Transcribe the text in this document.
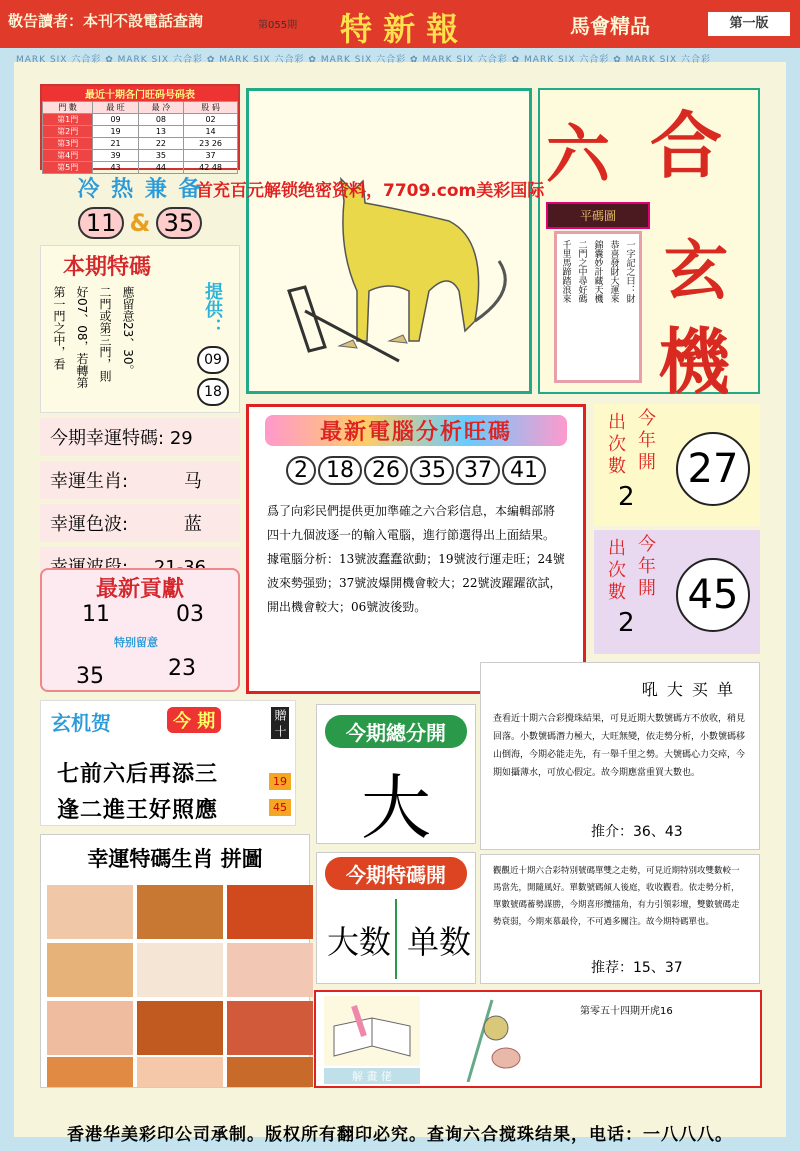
敬告讀者：本刊不設電話查詢	第055期 特 新 報	馬會精品	第一版
MARK SIX 六合彩 ✿ MARK SIX 六合彩 ✿ MARK SIX 六合彩 ✿ MARK SIX 六合彩 ✿ MARK SIX 六合彩 ✿ MARK SIX 六合彩 ✿ MARK SIX 六合彩
最近十期各门旺码号码表
門 數	最 旺	最 冷	股 码
第1門	09	08	02
第2門	19	13	14
第3門	21	22	23 26
第4門	39	35	37
第5門	43	44	42 48
冷 热 兼 备
11 & 35
本期特碼
應留意23、30。
二門或第三門，則
好07、08，若轉第
第一門之中，看	提供：
09
18
今期幸運特碼: 29
幸運生肖:	马
幸運色波:	蓝
最新貢獻
11	03
特别留意
35	23
玄机贺	今 期
七前六后再添三
逢二進王好照應
贈 十
19
45
幸運特碼生肖 拼圖
六 合
玄
機
平碼圖
一字記之曰：財
恭喜發財大運來
錦囊妙計藏天機
二門之中尋好碼
千里馬蹄踏浪來
首充百元解锁绝密资料，7709.com美彩国际
最新電腦分析旺碼
2 18 26 35 37 41
爲了向彩民們提供更加準確之六合彩信息，本編輯部將四十九個波逐一的輸入電腦，進行節選得出上面結果。據電腦分析：13號波蠢蠢欲動；19號波行運走旺；24號波來勢强勁；37號波爆開機會較大；22號波躍躍欲試，開出機會較大；06號波後勁。
出
次
數
今
年
開
2
27
出
次
數
今
年
開
2
45
今期總分開
大
今期特碼開
大数 单数
吼 大 买 单
查看近十期六合彩攪珠結果，可見近期大數號碼方不放收，稍見回落。小數號碼潛力極大，大旺無變，依走勢分析，小數號碼移山倒海，今期必能走先，有一舉千里之勢。大號碼心力交瘁，今期如攝薄水，可放心假定。故今期應當重買大數也。
推介：36、43
觀觀近十期六合彩特別號碼單雙之走勢，可見近期特別攻雙數較一馬當先，開隨風好。單數號碼傾人後庭，收收觀看。依走勢分析，單數號碼蓄勢謀勝，今期喜形攬擂角，有力引領彩壇，雙數號碼走勢衰弱，今期來慕最伶，不可過多關注。故今期特碼單也。
推荐：15、37
解 畫 佬
第零五十四期开虎16
香港华美彩印公司承制。版权所有翻印必究。查询六合搅珠结果，电话：一八八八。
